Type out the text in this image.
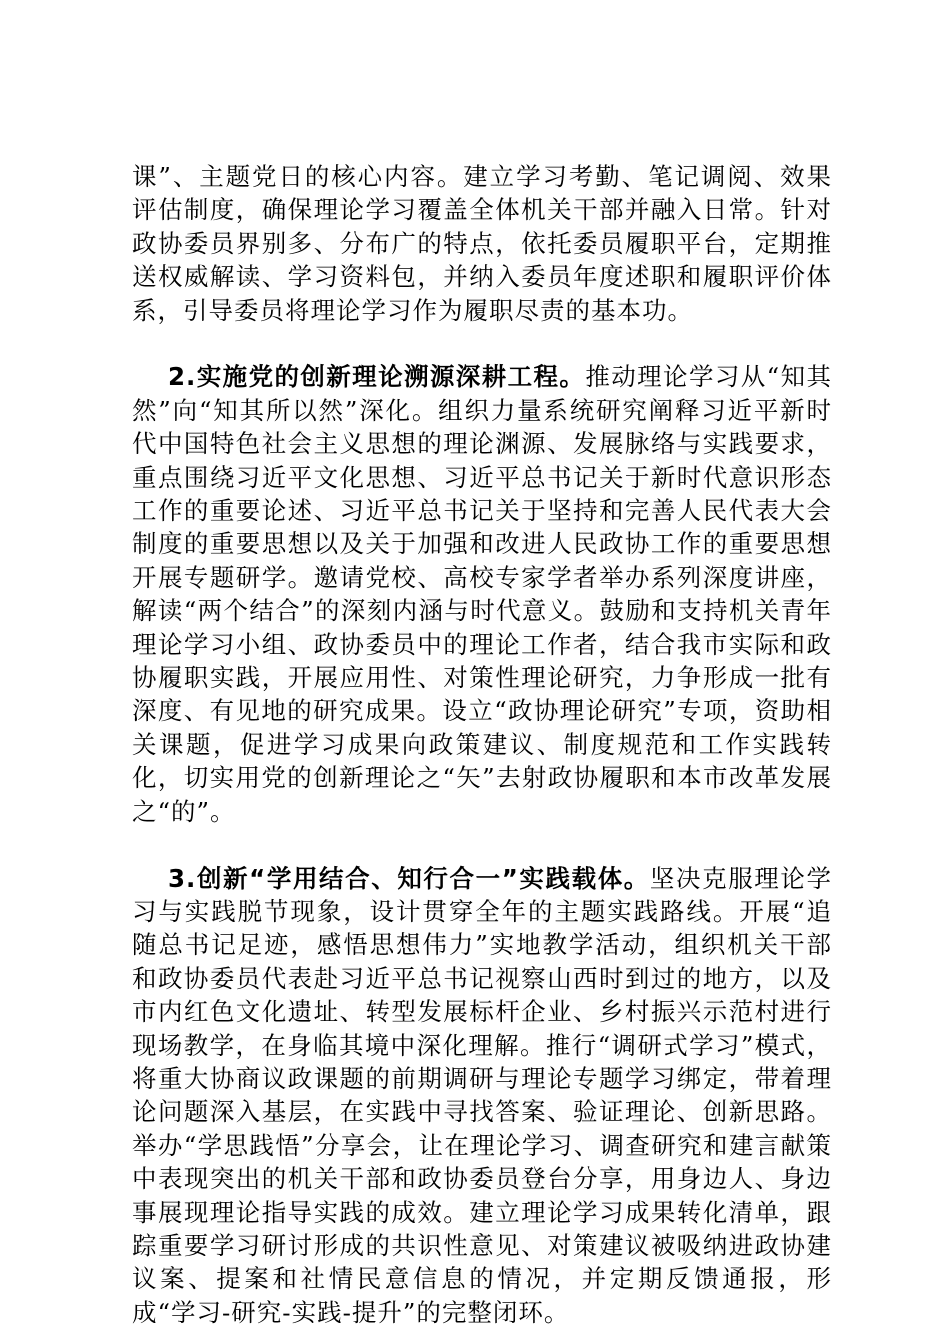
课”、主题党日的核心内容。建立学习考勤、笔记调阅、效果评估制度，确保理论学习覆盖全体机关干部并融入日常。针对政协委员界别多、分布广的特点，依托委员履职平台，定期推送权威解读、学习资料包，并纳入委员年度述职和履职评价体系，引导委员将理论学习作为履职尽责的基本功。

2.实施党的创新理论溯源深耕工程。推动理论学习从“知其然”向“知其所以然”深化。组织力量系统研究阐释习近平新时代中国特色社会主义思想的理论渊源、发展脉络与实践要求，重点围绕习近平文化思想、习近平总书记关于新时代意识形态工作的重要论述、习近平总书记关于坚持和完善人民代表大会制度的重要思想以及关于加强和改进人民政协工作的重要思想开展专题研学。邀请党校、高校专家学者举办系列深度讲座，解读“两个结合”的深刻内涵与时代意义。鼓励和支持机关青年理论学习小组、政协委员中的理论工作者，结合我市实际和政协履职实践，开展应用性、对策性理论研究，力争形成一批有深度、有见地的研究成果。设立“政协理论研究”专项，资助相关课题，促进学习成果向政策建议、制度规范和工作实践转化，切实用党的创新理论之“矢”去射政协履职和本市改革发展之“的”。

3.创新“学用结合、知行合一”实践载体。坚决克服理论学习与实践脱节现象，设计贯穿全年的主题实践路线。开展“追随总书记足迹，感悟思想伟力”实地教学活动，组织机关干部和政协委员代表赴习近平总书记视察山西时到过的地方，以及市内红色文化遗址、转型发展标杆企业、乡村振兴示范村进行现场教学，在身临其境中深化理解。推行“调研式学习”模式，将重大协商议政课题的前期调研与理论专题学习绑定，带着理论问题深入基层，在实践中寻找答案、验证理论、创新思路。举办“学思践悟”分享会，让在理论学习、调查研究和建言献策中表现突出的机关干部和政协委员登台分享，用身边人、身边事展现理论指导实践的成效。建立理论学习成果转化清单，跟踪重要学习研讨形成的共识性意见、对策建议被吸纳进政协建议案、提案和社情民意信息的情况，并定期反馈通报，形成“学习-研究-实践-提升”的完整闭环。
